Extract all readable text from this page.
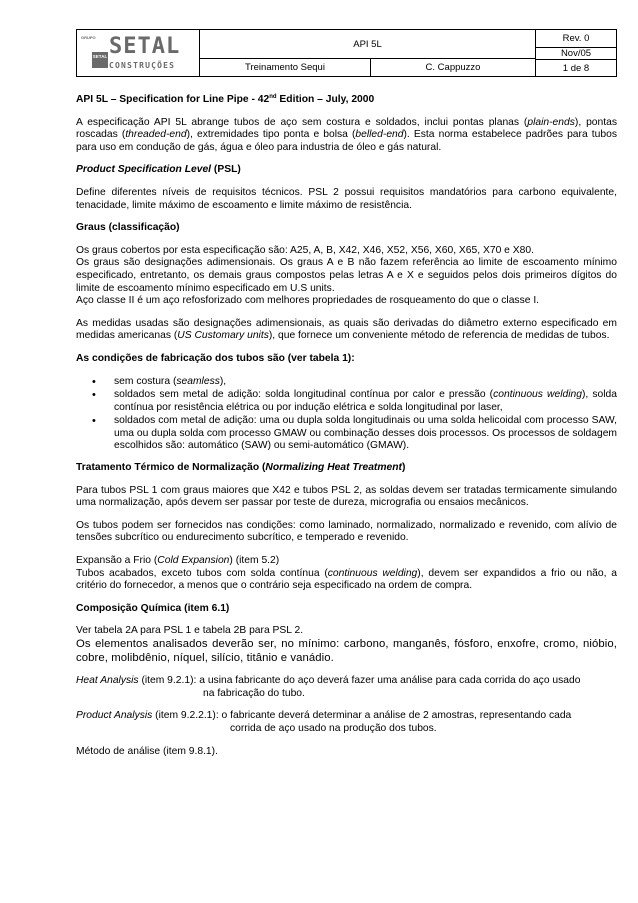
GRUPO
SETAL SETAL
CONSTRUÇÕES
API 5L	Rev. 0
Nov/05
Treinamento Sequi	C. Cappuzzo	1 de 8

API 5L – Specification for Line Pipe - 42nd Edition – July, 2000

A especificação API 5L abrange tubos de aço sem costura e soldados, inclui pontas planas (plain-ends), pontas roscadas (threaded-end), extremidades tipo ponta e bolsa (belled-end). Esta norma estabelece padrões para tubos para uso em condução de gás, água e óleo para industria de óleo e gás natural.

Product Specification Level (PSL)

Define diferentes níveis de requisitos técnicos. PSL 2 possui requisitos mandatórios para carbono equivalente, tenacidade, limite máximo de escoamento e limite máximo de resistência.

Graus (classificação)

Os graus cobertos por esta especificação são: A25, A, B, X42, X46, X52, X56, X60, X65, X70 e X80.
Os graus são designações adimensionais. Os graus A e B não fazem referência ao limite de escoamento mínimo especificado, entretanto, os demais graus compostos pelas letras A e X e seguidos pelos dois primeiros dígitos do limite de escoamento mínimo especificado em U.S units.
Aço classe II é um aço refosforizado com melhores propriedades de rosqueamento do que o classe I.

As medidas usadas são designações adimensionais, as quais são derivadas do diâmetro externo especificado em medidas americanas (US Customary units), que fornece um conveniente método de referencia de medidas de tubos.

As condições de fabricação dos tubos são (ver tabela 1):

• sem costura (seamless),
• soldados sem metal de adição: solda longitudinal contínua por calor e pressão (continuous welding), solda contínua por resistência elétrica ou por indução elétrica e solda longitudinal por laser,
• soldados com metal de adição: uma ou dupla solda longitudinais ou uma solda helicoidal com processo SAW, uma ou dupla solda com processo GMAW ou combinação desses dois processos. Os processos de soldagem escolhidos são: automático (SAW) ou semi-automático (GMAW).

Tratamento Térmico de Normalização (Normalizing Heat Treatment)

Para tubos PSL 1 com graus maiores que X42 e tubos PSL 2, as soldas devem ser tratadas termicamente simulando uma normalização, após devem ser passar por teste de dureza, micrografia ou ensaios mecânicos.

Os tubos podem ser fornecidos nas condições: como laminado, normalizado, normalizado e revenido, com alívio de tensões subcrítico ou endurecimento subcrítico, e temperado e revenido.

Expansão a Frio (Cold Expansion) (item 5.2)
Tubos acabados, exceto tubos com solda contínua (continuous welding), devem ser expandidos a frio ou não, a critério do fornecedor, a menos que o contrário seja especificado na ordem de compra.

Composição Química (item 6.1)

Ver tabela 2A para PSL 1 e tabela 2B para PSL 2.
Os elementos analisados deverão ser, no mínimo: carbono, manganês, fósforo, enxofre, cromo, nióbio, cobre, molibdênio, níquel, silício, titânio e vanádio.

Heat Analysis (item 9.2.1): a usina fabricante do aço deverá fazer uma análise para cada corrida do aço usado
na fabricação do tubo.
Product Analysis (item 9.2.2.1): o fabricante deverá determinar a análise de 2 amostras, representando cada
corrida de aço usado na produção dos tubos.

Método de análise (item 9.8.1).
